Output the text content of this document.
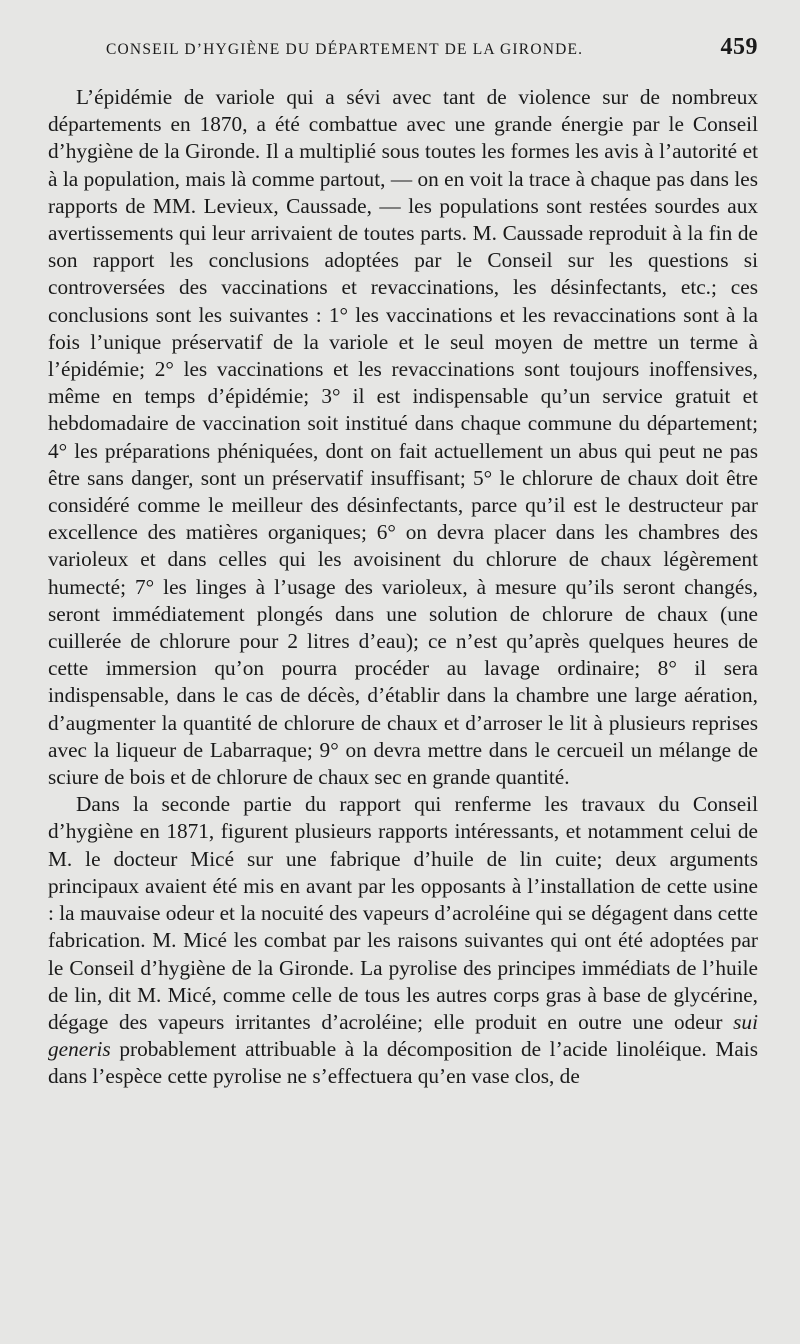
CONSEIL D’HYGIÈNE DU DÉPARTEMENT DE LA GIRONDE.	459

L’épidémie de variole qui a sévi avec tant de violence sur de nombreux départements en 1870, a été combattue avec une grande énergie par le Conseil d’hygiène de la Gironde. Il a multiplié sous toutes les formes les avis à l’autorité et à la population, mais là comme partout, — on en voit la trace à chaque pas dans les rapports de MM. Levieux, Caussade, — les populations sont restées sourdes aux avertissements qui leur arrivaient de toutes parts. M. Caussade reproduit à la fin de son rapport les conclusions adoptées par le Conseil sur les questions si controversées des vaccinations et revaccinations, les désinfectants, etc.; ces conclusions sont les suivantes : 1° les vaccinations et les revaccinations sont à la fois l’unique préservatif de la variole et le seul moyen de mettre un terme à l’épidémie; 2° les vaccinations et les revaccinations sont toujours inoffensives, même en temps d’épidémie; 3° il est indispensable qu’un service gratuit et hebdomadaire de vaccination soit institué dans chaque commune du département; 4° les préparations phéniquées, dont on fait actuellement un abus qui peut ne pas être sans danger, sont un préservatif insuffisant; 5° le chlorure de chaux doit être considéré comme le meilleur des désinfectants, parce qu’il est le destructeur par excellence des matières organiques; 6° on devra placer dans les chambres des varioleux et dans celles qui les avoisinent du chlorure de chaux légèrement humecté; 7° les linges à l’usage des varioleux, à mesure qu’ils seront changés, seront immédiatement plongés dans une solution de chlorure de chaux (une cuillerée de chlorure pour 2 litres d’eau); ce n’est qu’après quelques heures de cette immersion qu’on pourra procéder au lavage ordinaire; 8° il sera indispensable, dans le cas de décès, d’établir dans la chambre une large aération, d’augmenter la quantité de chlorure de chaux et d’arroser le lit à plusieurs reprises avec la liqueur de Labarraque; 9° on devra mettre dans le cercueil un mélange de sciure de bois et de chlorure de chaux sec en grande quantité.

Dans la seconde partie du rapport qui renferme les travaux du Conseil d’hygiène en 1871, figurent plusieurs rapports intéressants, et notamment celui de M. le docteur Micé sur une fabrique d’huile de lin cuite; deux arguments principaux avaient été mis en avant par les opposants à l’installation de cette usine : la mauvaise odeur et la nocuité des vapeurs d’acroléine qui se dégagent dans cette fabrication. M. Micé les combat par les raisons suivantes qui ont été adoptées par le Conseil d’hygiène de la Gironde. La pyrolise des principes immédiats de l’huile de lin, dit M. Micé, comme celle de tous les autres corps gras à base de glycérine, dégage des vapeurs irritantes d’acroléine; elle produit en outre une odeur sui generis probablement attribuable à la décomposition de l’acide linoléique. Mais dans l’espèce cette pyrolise ne s’effectuera qu’en vase clos, de
